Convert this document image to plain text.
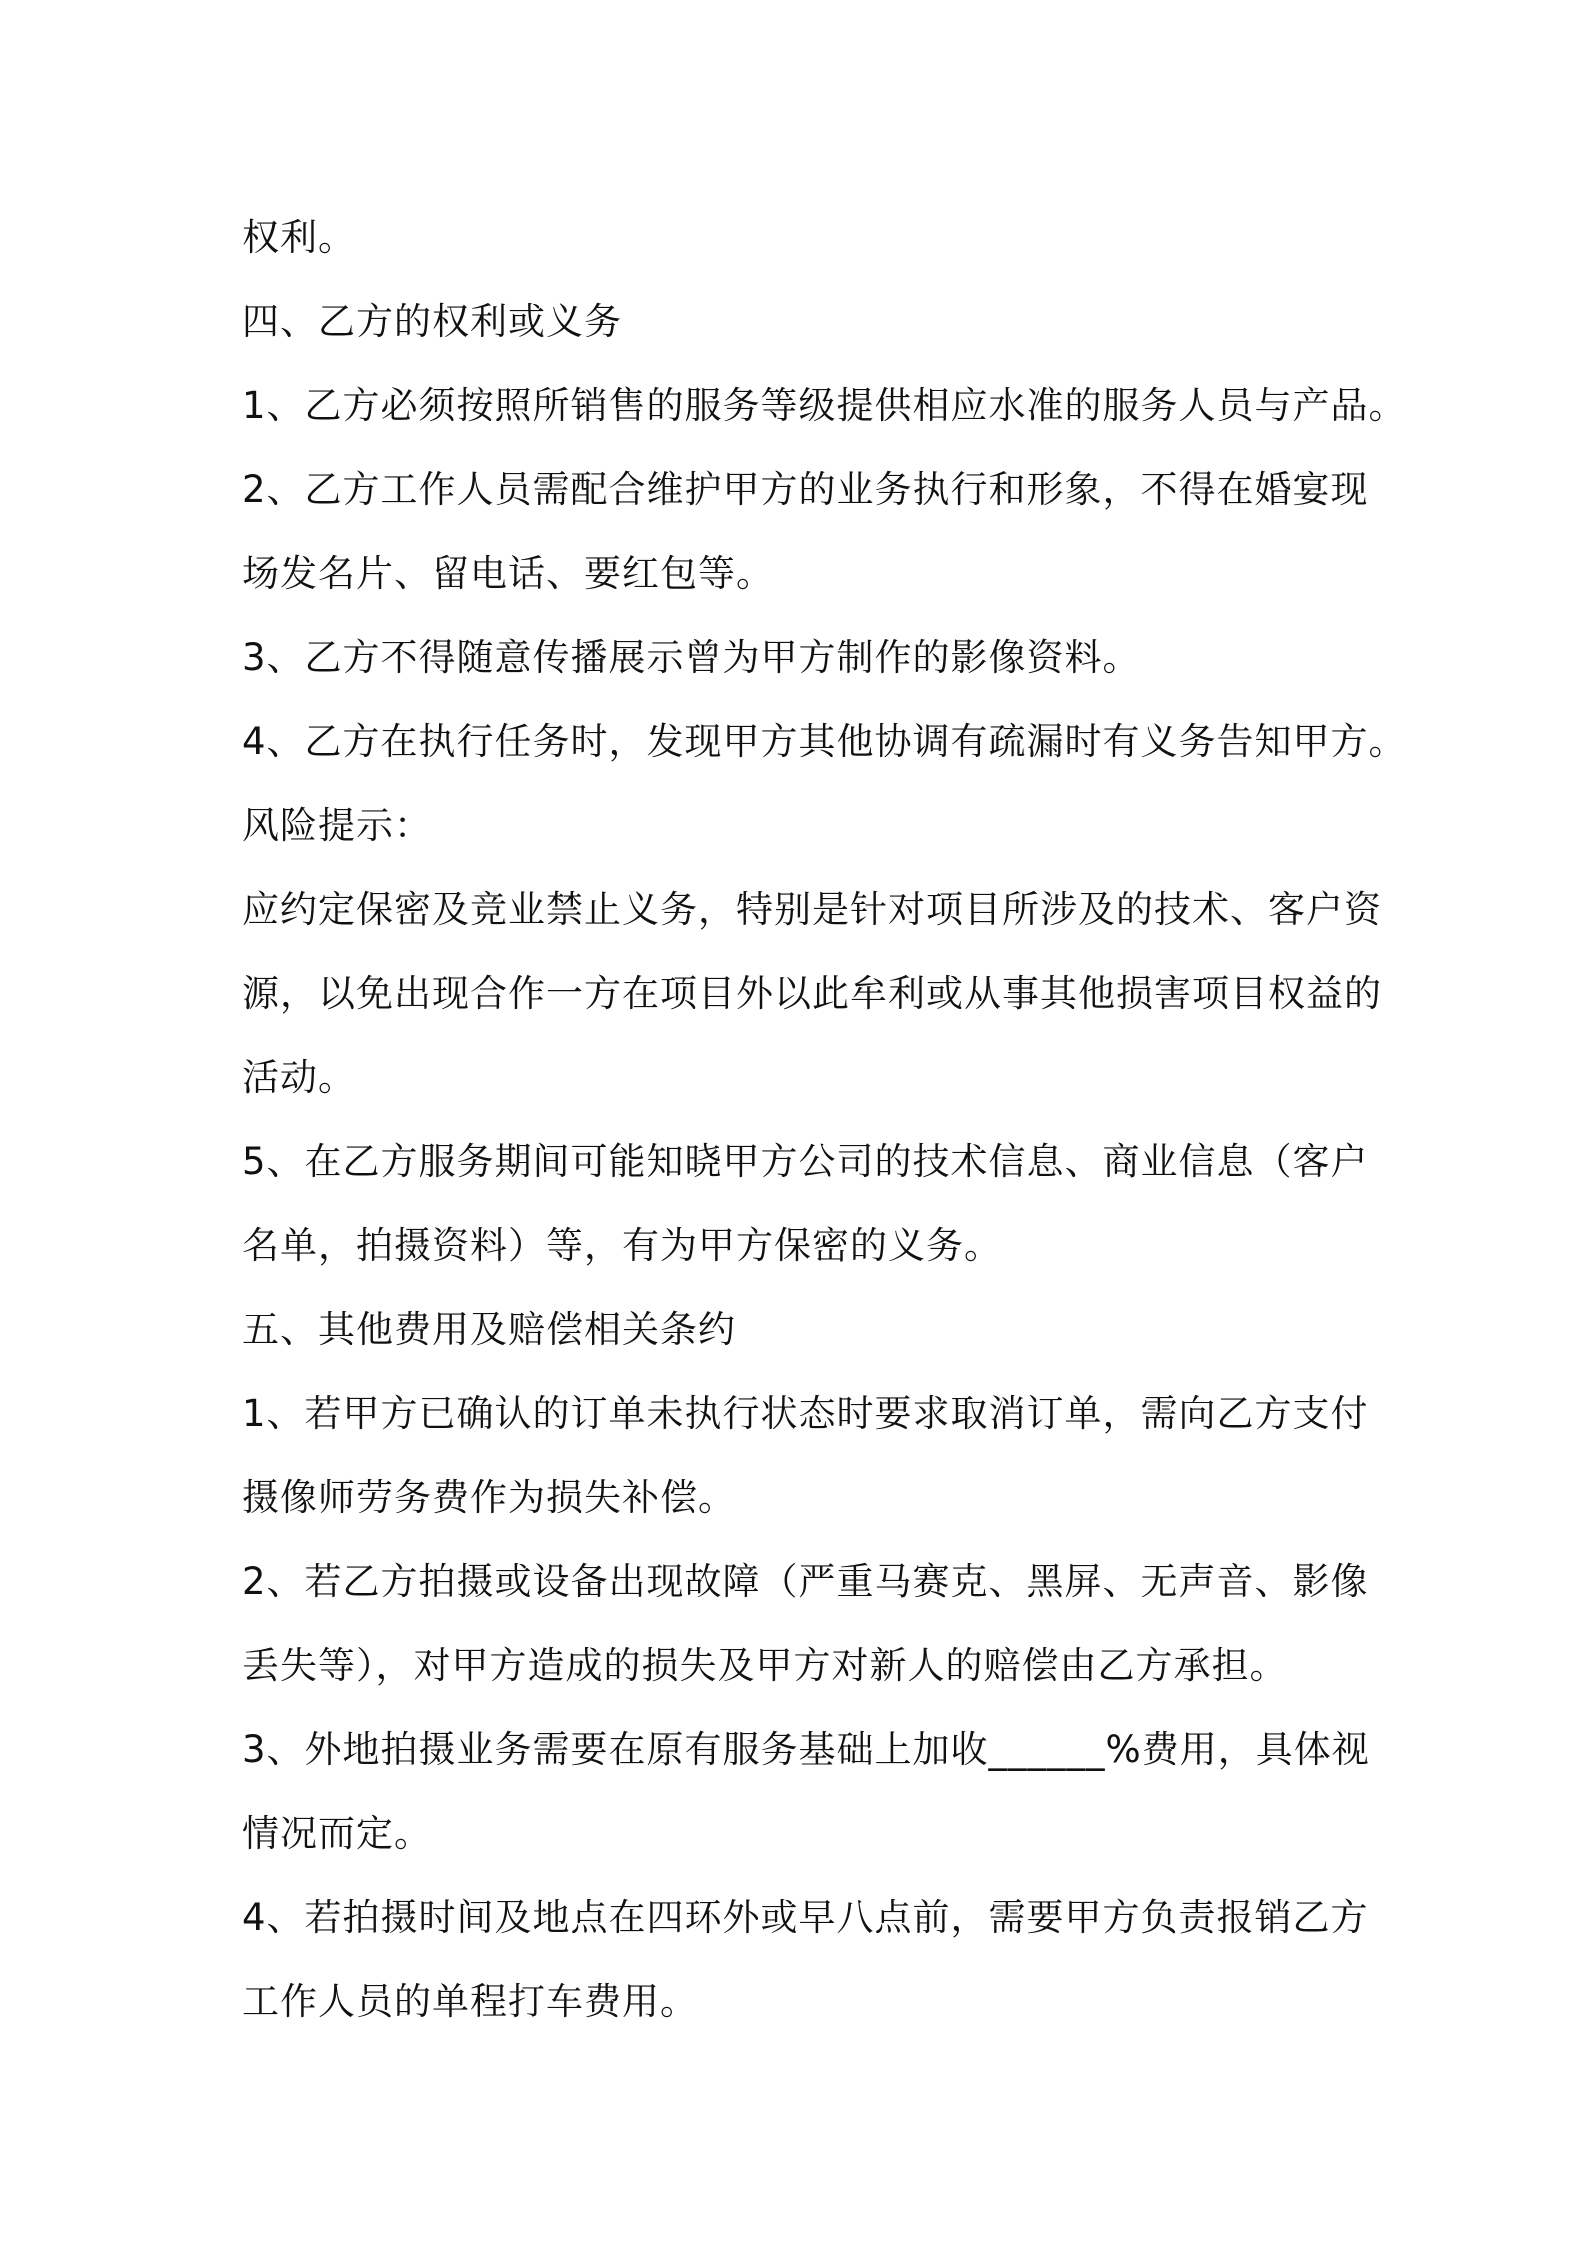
权利。

四、乙方的权利或义务

1、乙方必须按照所销售的服务等级提供相应水准的服务人员与产品。

2、乙方工作人员需配合维护甲方的业务执行和形象，不得在婚宴现

场发名片、留电话、要红包等。

3、乙方不得随意传播展示曾为甲方制作的影像资料。

4、乙方在执行任务时，发现甲方其他协调有疏漏时有义务告知甲方。

风险提示：

应约定保密及竞业禁止义务，特别是针对项目所涉及的技术、客户资

源，以免出现合作一方在项目外以此牟利或从事其他损害项目权益的

活动。

5、在乙方服务期间可能知晓甲方公司的技术信息、商业信息（客户

名单，拍摄资料）等，有为甲方保密的义务。

五、其他费用及赔偿相关条约

1、若甲方已确认的订单未执行状态时要求取消订单，需向乙方支付

摄像师劳务费作为损失补偿。

2、若乙方拍摄或设备出现故障（严重马赛克、黑屏、无声音、影像

丢失等），对甲方造成的损失及甲方对新人的赔偿由乙方承担。

3、外地拍摄业务需要在原有服务基础上加收______%费用，具体视

情况而定。

4、若拍摄时间及地点在四环外或早八点前，需要甲方负责报销乙方

工作人员的单程打车费用。
